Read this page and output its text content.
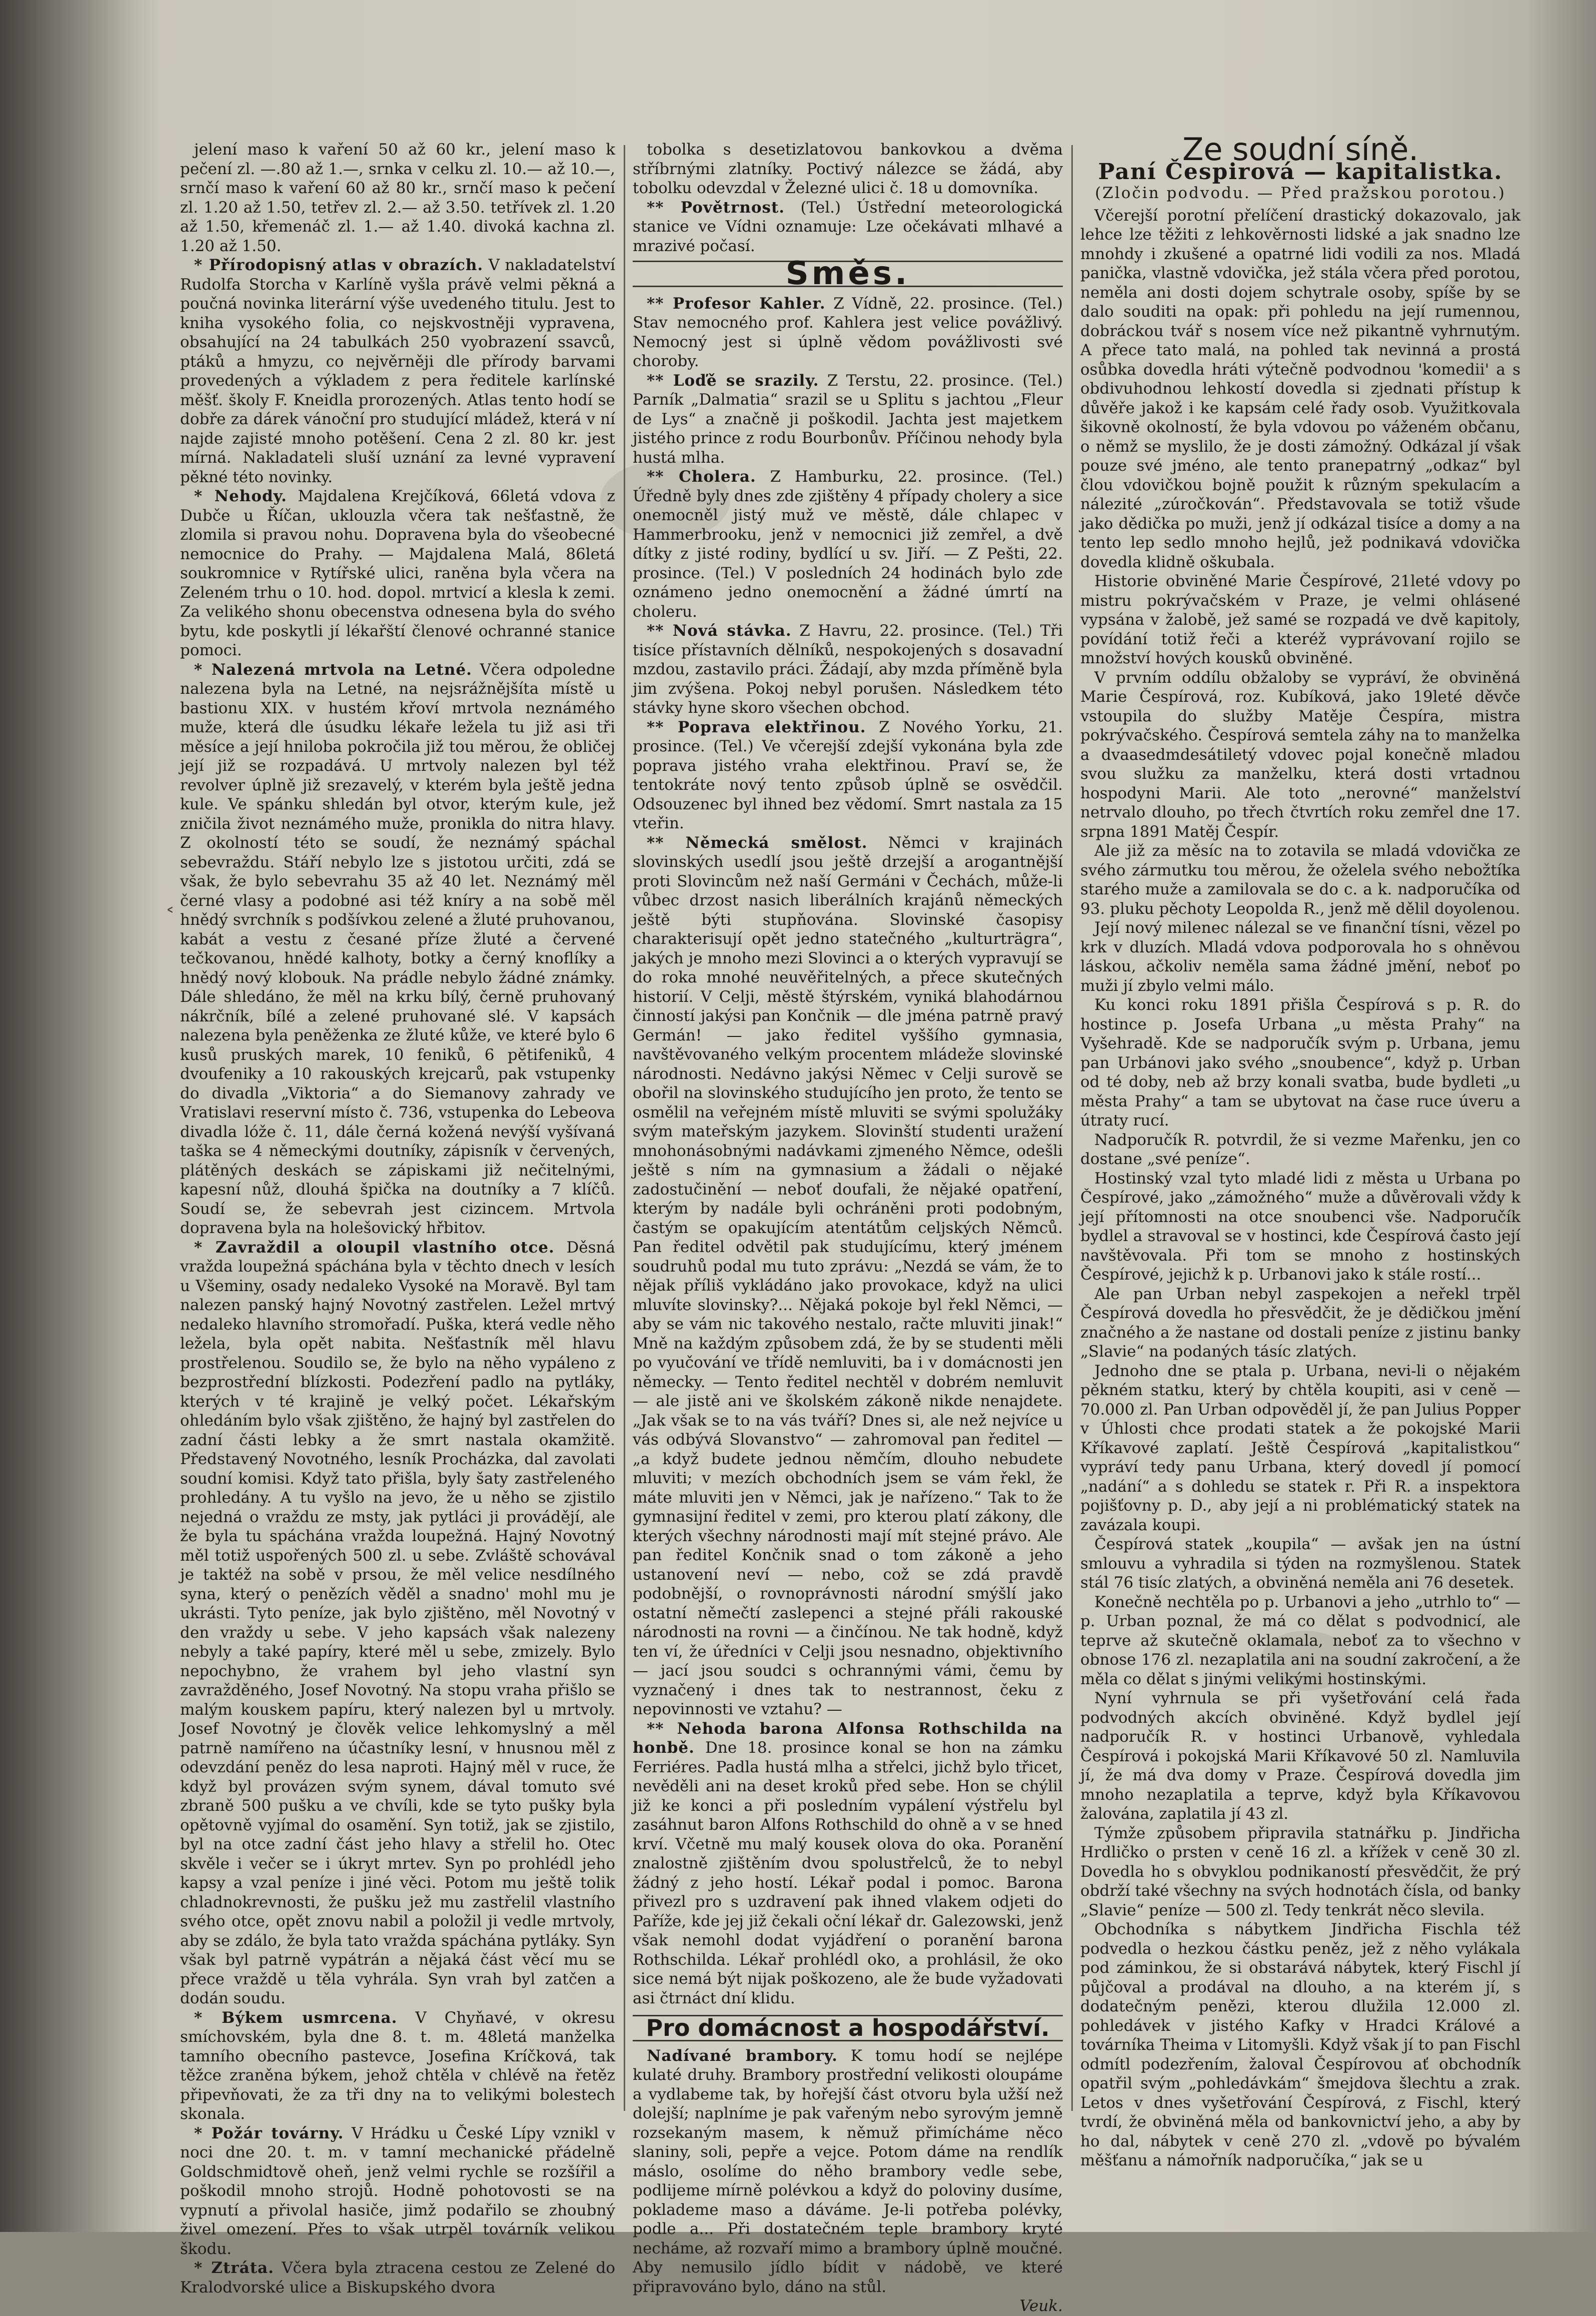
˂

jelení maso k vaření 50 až 60 kr., jelení maso k pečení zl. —.80 až 1.—, srnka v celku zl. 10.— až 10.—, srnčí maso k vaření 60 až 80 kr., srnčí maso k pečení zl. 1.20 až 1.50, tetřev zl. 2.— až 3.50. tetřívek zl. 1.20 až 1.50, křemenáč zl. 1.— až 1.40. divoká kachna zl. 1.20 až 1.50.

* Přírodopisný atlas v obrazích. V nakladatelství Rudolfa Storcha v Karlíně vyšla právě velmi pěkná a poučná novinka literární výše uvedeného titulu. Jest to kniha vysokého folia, co nejskvostněji vypravena, obsahující na 24 tabulkách 250 vyobrazení ssavců, ptáků a hmyzu, co nejvěrněji dle přírody barvami provedených a výkladem z pera ředitele karlínské měšť. školy F. Kneidla prorozených. Atlas tento hodí se dobře za dárek vánoční pro studující mládež, která v ní najde zajisté mnoho potěšení. Cena 2 zl. 80 kr. jest mírná. Nakladateli sluší uznání za levné vypravení pěkné této novinky.

* Nehody. Majdalena Krejčíková, 66letá vdova z Dubče u Říčan, uklouzla včera tak nešťastně, že zlomila si pravou nohu. Dopravena byla do všeobecné nemocnice do Prahy. — Majdalena Malá, 86letá soukromnice v Rytířské ulici, raněna byla včera na Zeleném trhu o 10. hod. dopol. mrtvicí a klesla k zemi. Za velikého shonu obecenstva odnesena byla do svého bytu, kde poskytli jí lékařští členové ochranné stanice pomoci.

* Nalezená mrtvola na Letné. Včera odpoledne nalezena byla na Letné, na nejsrážnějšíta místě u bastionu XIX. v hustém křoví mrtvola neznámého muže, která dle úsudku lékaře ležela tu již asi tři měsíce a její hniloba pokročila již tou měrou, že obličej její již se rozpadává. U mrtvoly nalezen byl též revolver úplně již srezavelý, v kterém byla ještě jedna kule. Ve spánku shledán byl otvor, kterým kule, jež zničila život neznámého muže, pronikla do nitra hlavy. Z okolností této se soudí, že neznámý spáchal sebevraždu. Stáří nebylo lze s jistotou určiti, zdá se však, že bylo sebevrahu 35 až 40 let. Neznámý měl černé vlasy a podobné asi též kníry a na sobě měl hnědý svrchník s podšívkou zelené a žluté pruhovanou, kabát a vestu z česané příze žluté a červené tečkovanou, hnědé kalhoty, botky a černý knoflíky a hnědý nový klobouk. Na prádle nebylo žádné známky. Dále shledáno, že měl na krku bílý, černě pruhovaný nákrčník, bílé a zelené pruhované slé. V kapsách nalezena byla peněženka ze žluté kůže, ve které bylo 6 kusů pruských marek, 10 feniků, 6 pětifeniků, 4 dvoufeniky a 10 rakouských krejcarů, pak vstupenky do divadla „Viktoria“ a do Siemanovy zahrady ve Vratislavi reservní místo č. 736, vstupenka do Lebeova divadla lóže č. 11, dále černá kožená nevýší vyšívaná taška se 4 německými doutníky, zápisník v červených, plátěných deskách se zápiskami již nečitelnými, kapesní nůž, dlouhá špička na doutníky a 7 klíčů. Soudí se, že sebevrah jest cizincem. Mrtvola dopravena byla na holešovický hřbitov.

* Zavraždil a oloupil vlastního otce. Děsná vražda loupežná spáchána byla v těchto dnech v lesích u Všeminy, osady nedaleko Vysoké na Moravě. Byl tam nalezen panský hajný Novotný zastřelen. Ležel mrtvý nedaleko hlavního stromořadí. Puška, která vedle něho ležela, byla opět nabita. Nešťastník měl hlavu prostřelenou. Soudilo se, že bylo na něho vypáleno z bezprostřední blízkosti. Podezření padlo na pytláky, kterých v té krajině je velký počet. Lékařským ohledáním bylo však zjištěno, že hajný byl zastřelen do zadní části lebky a že smrt nastala okamžitě. Představený Novotného, lesník Procházka, dal zavolati soudní komisi. Když tato přišla, byly šaty zastřeleného prohledány. A tu vyšlo na jevo, že u něho se zjistilo nejedná o vraždu ze msty, jak pytláci ji provádějí, ale že byla tu spáchána vražda loupežná. Hajný Novotný měl totiž uspořených 500 zl. u sebe. Zvláště schovával je taktéž na sobě v prsou, že měl velice nesdílného syna, který o penězích věděl a snadno' mohl mu je ukrásti. Tyto peníze, jak bylo zjištěno, měl Novotný v den vraždy u sebe. V jeho kapsách však nalezeny nebyly a také papíry, které měl u sebe, zmizely. Bylo nepochybno, že vrahem byl jeho vlastní syn zavražděného, Josef Novotný. Na stopu vraha přišlo se malým kouskem papíru, který nalezen byl u mrtvoly. Josef Novotný je člověk velice lehkomyslný a měl patrně namířeno na účastníky lesní, v hnusnou měl z odevzdání peněz do lesa naproti. Hajný měl v ruce, že když byl provázen svým synem, dával tomuto své zbraně 500 pušku a ve chvíli, kde se tyto pušky byla opětovně vyjímal do osamění. Syn totiž, jak se zjistilo, byl na otce zadní část jeho hlavy a střelil ho. Otec skvěle i večer se i úkryt mrtev. Syn po prohlédl jeho kapsy a vzal peníze i jiné věci. Potom mu ještě tolik chladnokrevnosti, že pušku jež mu zastřelil vlastního svého otce, opět znovu nabil a položil ji vedle mrtvoly, aby se zdálo, že byla tato vražda spáchána pytláky. Syn však byl patrně vypátrán a nějaká část věcí mu se přece vraždě u těla vyhrála. Syn vrah byl zatčen a dodán soudu.

* Býkem usmrcena. V Chyňavé, v okresu smíchovském, byla dne 8. t. m. 48letá manželka tamního obecního pastevce, Josefina Kríčková, tak těžce zraněna býkem, jehož chtěla v chlévě na řetěz připevňovati, že za tři dny na to velikými bolestech skonala.

* Požár továrny. V Hrádku u České Lípy vznikl v noci dne 20. t. m. v tamní mechanické přádelně Goldschmidtově oheň, jenž velmi rychle se rozšířil a poškodil mnoho strojů. Hodně pohotovosti se na vypnutí a přivolal hasiče, jimž podařilo se zhoubný živel omezení. Přes to však utrpěl továrník velikou škodu.

* Ztráta. Včera byla ztracena cestou ze Zelené do Kralodvorské ulice a Biskupského dvora

tobolka s desetizlatovou bankovkou a dvěma stříbrnými zlatníky. Poctivý nálezce se žádá, aby tobolku odevzdal v Železné ulici č. 18 u domovníka.

** Povětrnost. (Tel.) Ústřední meteorologická stanice ve Vídni oznamuje: Lze očekávati mlhavé a mrazivé počasí.

Směs.

** Profesor Kahler. Z Vídně, 22. prosince. (Tel.) Stav nemocného prof. Kahlera jest velice povážlivý. Nemocný jest si úplně vědom povážlivosti své choroby.

** Loďě se srazily. Z Terstu, 22. prosince. (Tel.) Parník „Dalmatia“ srazil se u Splitu s jachtou „Fleur de Lys“ a značně ji poškodil. Jachta jest majetkem jistého prince z rodu Bourbonův. Příčinou nehody byla hustá mlha.

** Cholera. Z Hamburku, 22. prosince. (Tel.) Úředně byly dnes zde zjištěny 4 případy cholery a sice onemocněl jistý muž ve městě, dále chlapec v Hammerbrooku, jenž v nemocnici již zemřel, a dvě dítky z jisté rodiny, bydlící u sv. Jiří. — Z Pešti, 22. prosince. (Tel.) V posledních 24 hodinách bylo zde oznámeno jedno onemocnění a žádné úmrtí na choleru.

** Nová stávka. Z Havru, 22. prosince. (Tel.) Tři tisíce přístavních dělníků, nespokojených s dosavadní mzdou, zastavilo práci. Žádají, aby mzda příměně byla jim zvýšena. Pokoj nebyl porušen. Následkem této stávky hyne skoro všechen obchod.

** Poprava elektřinou. Z Nového Yorku, 21. prosince. (Tel.) Ve včerejší zdejší vykonána byla zde poprava jistého vraha elektřinou. Praví se, že tentokráte nový tento způsob úplně se osvědčil. Odsouzenec byl ihned bez vědomí. Smrt nastala za 15 vteřin.

** Německá smělost. Němci v krajinách slovinských usedlí jsou ještě drzejší a arogantnější proti Slovincům než naší Germáni v Čechách, může-li vůbec drzost nasich liberálních krajánů německých ještě býti stupňována. Slovinské časopisy charakterisují opět jedno statečného „kulturträgra“, jakých je mnoho mezi Slovinci a o kterých vypravují se do roka mnohé neuvěřitelných, a přece skutečných historií. V Celji, městě štýrském, vyniká blahodárnou činností jakýsi pan Končnik — dle jména patrně pravý Germán! — jako ředitel vyššího gymnasia, navštěvovaného velkým procentem mládeže slovinské národnosti. Nedávno jakýsi Němec v Celji surově se obořil na slovinského studujícího jen proto, že tento se osmělil na veřejném místě mluviti se svými spolužáky svým mateřským jazykem. Slovinští studenti uražení mnohonásobnými nadávkami zjmeného Němce, odešli ještě s ním na gymnasium a žádali o nějaké zadostučinění — neboť doufali, že nějaké opatření, kterým by nadále byli ochráněni proti podobným, častým se opakujícím atentátům celjských Němců. Pan ředitel odvětil pak studujícímu, který jménem soudruhů podal mu tuto zprávu: „Nezdá se vám, že to nějak příliš vykládáno jako provokace, když na ulici mluvíte slovinsky?... Nějaká pokoje byl řekl Němci, — aby se vám nic takového nestalo, račte mluviti jinak!“ Mně na každým způsobem zdá, že by se studenti měli po vyučování ve třídě nemluviti, ba i v domácnosti jen německy. — Tento ředitel nechtěl v dobrém nemluvit — ale jistě ani ve školském zákoně nikde nenajdete. „Jak však se to na vás tváří? Dnes si, ale než nejvíce u vás odbývá Slovanstvo“ — zahromoval pan ředitel — „a když budete jednou němčím, dlouho nebudete mluviti; v mezích obchodních jsem se vám řekl, že máte mluviti jen v Němci, jak je nařízeno.“ Tak to že gymnasijní ředitel v zemi, pro kterou platí zákony, dle kterých všechny národnosti mají mít stejné právo. Ale pan ředitel Končnik snad o tom zákoně a jeho ustanovení neví — nebo, což se zdá pravdě podobnější, o rovnoprávnosti národní smýšlí jako ostatní němečtí zaslepenci a stejné přáli rakouské národnosti na rovni — a činčínou. Ne tak hodně, když ten ví, že úředníci v Celji jsou nesnadno, objektivního — jací jsou soudci s ochrannými vámi, čemu by vyznačený i dnes tak to nestrannost, čeku z nepovinnosti ve vztahu? —

** Nehoda barona Alfonsa Rothschilda na honbě. Dne 18. prosince konal se hon na zámku Ferriéres. Padla hustá mlha a střelci, jichž bylo třicet, nevěděli ani na deset kroků před sebe. Hon se chýlil již ke konci a při posledním vypálení výstřelu byl zasáhnut baron Alfons Rothschild do ohně a v se hned krví. Včetně mu malý kousek olova do oka. Poranění znalostně zjištěním dvou spolustřelců, že to nebyl žádný z jeho hostí. Lékař podal i pomoc. Barona přivezl pro s uzdravení pak ihned vlakem odjeti do Paříže, kde jej již čekali oční lékař dr. Galezowski, jenž však nemohl dodat vyjádření o poranění barona Rothschilda. Lékař prohlédl oko, a prohlásil, že oko sice nemá být nijak poškozeno, ale že bude vyžadovati asi čtrnáct dní klidu.

Pro domácnost a hospodářství.

Nadívané brambory. K tomu hodí se nejlépe kulaté druhy. Brambory prostřední velikosti oloupáme a vydlabeme tak, by hořejší část otvoru byla užší než dolejší; naplníme je pak vařeným nebo syrovým jemně rozsekaným masem, k němuž přimícháme něco slaniny, soli, pepře a vejce. Potom dáme na rendlík máslo, osolíme do něho brambory vedle sebe, podlijeme mírně polévkou a když do poloviny dusíme, poklademe maso a dáváme. Je-li potřeba polévky, podle a... Při dostatečném teple brambory kryté necháme, až rozvaří mimo a brambory úplně moučné. Aby nemusilo jídlo bídit v nádobě, ve které připravováno bylo, dáno na stůl.

Veuk.

Ze soudní síně.
Paní Čespirová — kapitalistka.

(Zločin podvodu. — Před pražskou porotou.)

Včerejší porotní přelíčení drastický dokazovalo, jak lehce lze těžiti z lehkověrnosti lidské a jak snadno lze mnohdy i zkušené a opatrné lidi vodili za nos. Mladá panička, vlastně vdovička, jež stála včera před porotou, neměla ani dosti dojem schytrale osoby, spíše by se dalo souditi na opak: při pohledu na její rumennou, dobráckou tvář s nosem více než pikantně vyhrnutým. A přece tato malá, na pohled tak nevinná a prostá osůbka dovedla hráti výtečně podvodnou 'komedii' a s obdivuhodnou lehkostí dovedla si zjednati přístup k důvěře jakož i ke kapsám celé řady osob. Využitkovala šikovně okolností, že byla vdovou po váženém občanu, o němž se myslilo, že je dosti zámožný. Odkázal jí však pouze své jméno, ale tento pranepatrný „odkaz“ byl člou vdovičkou bojně použit k různým spekulacím a nálezité „zúročkován“. Představovala se totiž všude jako dědička po muži, jenž jí odkázal tisíce a domy a na tento lep sedlo mnoho hejlů, jež podnikavá vdovička dovedla klidně oškubala.

Historie obviněné Marie Čespírové, 21leté vdovy po mistru pokrývačském v Praze, je velmi ohlásené vypsána v žalobě, jež samé se rozpadá ve dvě kapitoly, povídání totiž řeči a kteréž vyprávovaní rojilo se množství hových kousků obviněné.

V prvním oddílu obžaloby se vypráví, že obviněná Marie Čespírová, roz. Kubíková, jako 19leté děvče vstoupila do služby Matěje Čespíra, mistra pokrývačského. Čespírová semtela záhy na to manželka a dvaasedmdesátiletý vdovec pojal konečně mladou svou služku za manželku, která dosti vrtadnou hospodyni Marii. Ale toto „nerovné“ manželství netrvalo dlouho, po třech čtvrtích roku zemřel dne 17. srpna 1891 Matěj Čespír.

Ale již za měsíc na to zotavila se mladá vdovička ze svého zármutku tou měrou, že oželela svého nebožtíka starého muže a zamilovala se do c. a k. nadporučíka od 93. pluku pěchoty Leopolda R., jenž mě dělil doyolenou.

Její nový milenec nálezal se ve finanční tísni, vězel po krk v dluzích. Mladá vdova podporovala ho s ohněvou láskou, ačkoliv neměla sama žádné jmění, neboť po muži jí zbylo velmi málo.

Ku konci roku 1891 přišla Čespírová s p. R. do hostince p. Josefa Urbana „u města Prahy“ na Vyšehradě. Kde se nadporučík svým p. Urbana, jemu pan Urbánovi jako svého „snoubence“, když p. Urban od té doby, neb až brzy konali svatba, bude bydleti „u města Prahy“ a tam se ubytovat na čase ruce úveru a útraty rucí.

Nadporučík R. potvrdil, že si vezme Mařenku, jen co dostane „své peníze“.

Hostinský vzal tyto mladé lidi z města u Urbana po Čespírové, jako „zámožného“ muže a důvěrovali vždy k její přítomnosti na otce snoubenci vše. Nadporučík bydlel a stravoval se v hostinci, kde Čespírová často její navštěvovala. Při tom se mnoho z hostinských Čespírové, jejichž k p. Urbanovi jako k stále rostí...

Ale pan Urban nebyl zaspekojen a neřekl trpěl Čespírová dovedla ho přesvědčit, že je dědičkou jmění značného a že nastane od dostali peníze z jistinu banky „Slavie“ na podaných tásíc zlatých.

Jednoho dne se ptala p. Urbana, nevi-li o nějakém pěkném statku, který by chtěla koupiti, asi v ceně — 70.000 zl. Pan Urban odpověděl jí, že pan Julius Popper v Úhlosti chce prodati statek a že pokojské Marii Kříkavové zaplatí. Ještě Čespírová „kapitalistkou“ vypráví tedy panu Urbana, který dovedl jí pomocí „nadání“ a s dohledu se statek r. Při R. a inspektora pojišťovny p. D., aby její a ni problématický statek na zavázala koupi.

Čespírová statek „koupila“ — avšak jen na ústní smlouvu a vyhradila si týden na rozmyšlenou. Statek stál 76 tisíc zlatých, a obviněná neměla ani 76 desetek.

Konečně nechtěla po p. Urbanovi a jeho „utrhlo to“ — p. Urban poznal, že má co dělat s podvodnicí, ale teprve až skutečně oklamala, neboť za to všechno v obnose 176 zl. nezaplatila ani na soudní zakročení, a že měla co dělat s jinými velikými hostinskými.

Nyní vyhrnula se při vyšetřování celá řada podvodných akcích obviněné. Když bydlel její nadporučík R. v hostinci Urbanově, vyhledala Čespírová i pokojská Marii Kříkavové 50 zl. Namluvila jí, že má dva domy v Praze. Čespírová dovedla jim mnoho nezaplatila a teprve, když byla Kříkavovou žalována, zaplatila jí 43 zl.

Týmže způsobem připravila statnářku p. Jindřicha Hrdličko o prsten v ceně 16 zl. a křížek v ceně 30 zl. Dovedla ho s obvyklou podnikaností přesvědčit, že prý obdrží také všechny na svých hodnotách čísla, od banky „Slavie“ peníze — 500 zl. Tedy tenkrát něco slevila.

Obchodníka s nábytkem Jindřicha Fischla též podvedla o hezkou částku peněz, jež z něho vylákala pod záminkou, že si obstarává nábytek, který Fischl jí půjčoval a prodával na dlouho, a na kterém jí, s dodatečným penězi, kterou dlužila 12.000 zl. pohledávek v jistého Kafky v Hradci Králové a továrníka Theima v Litomyšli. Když však jí to pan Fischl odmítl podezřením, žaloval Čespírovou ať obchodník opatřil svým „pohledávkám“ šmejdova šlechtu a zrak. Letos v dnes vyšetřování Čespírová, z Fischl, který tvrdí, že obviněná měla od bankovnictví jeho, a aby by ho dal, nábytek v ceně 270 zl. „vdově po bývalém měšťanu a námořník nadporučíka,“ jak se u
